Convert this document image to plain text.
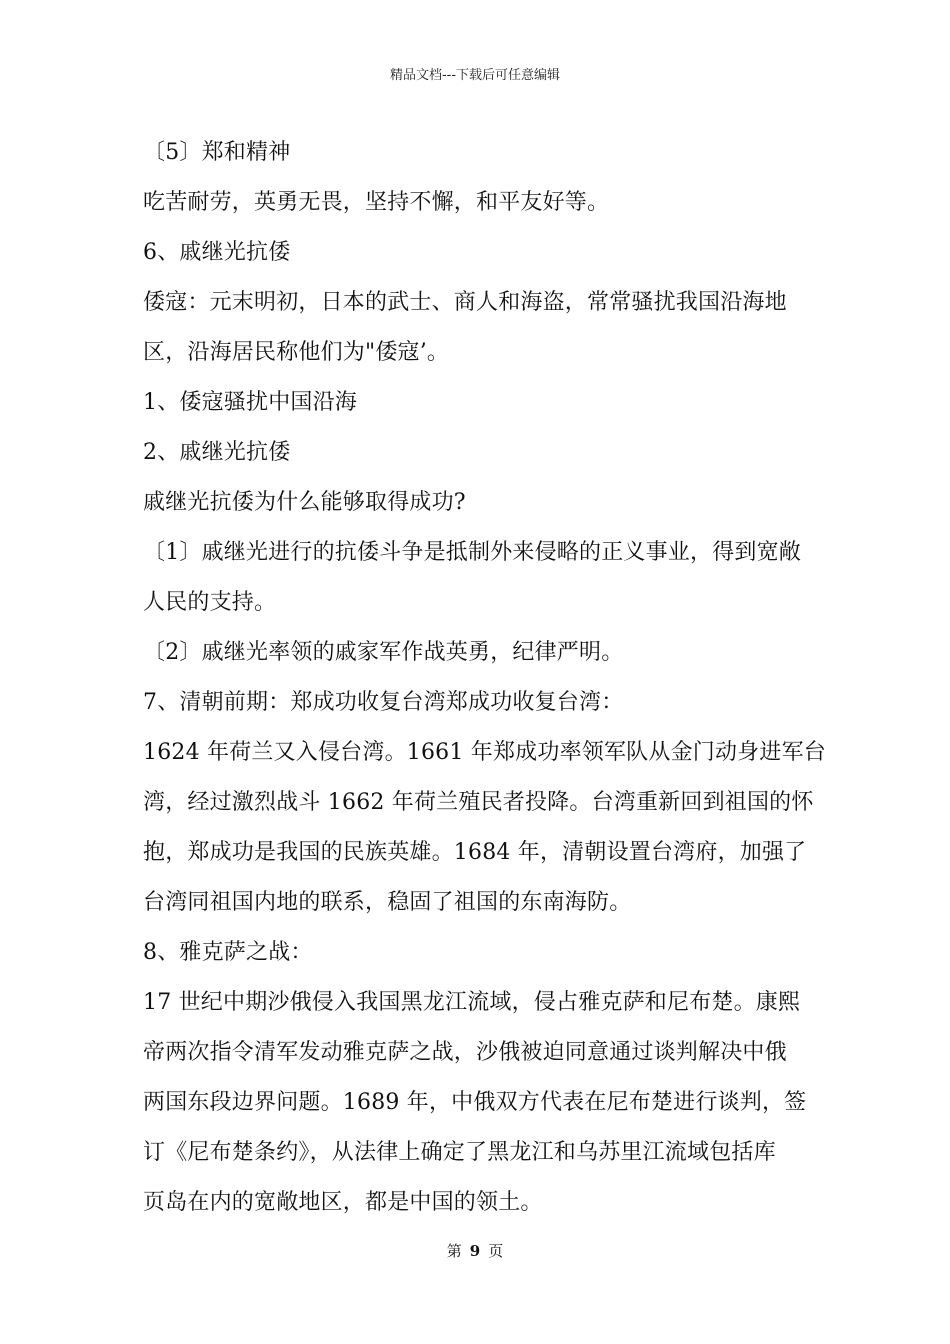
精品文档---下载后可任意编辑
〔5〕郑和精神
吃苦耐劳，英勇无畏，坚持不懈，和平友好等。
6、戚继光抗倭
倭寇：元末明初，日本的武士、商人和海盗，常常骚扰我国沿海地
区，沿海居民称他们为"倭寇’。
1、倭寇骚扰中国沿海
2、戚继光抗倭
戚继光抗倭为什么能够取得成功?
〔1〕戚继光进行的抗倭斗争是抵制外来侵略的正义事业，得到宽敞
人民的支持。
〔2〕戚继光率领的戚家军作战英勇，纪律严明。
7、清朝前期：郑成功收复台湾郑成功收复台湾：
1624 年荷兰又入侵台湾。1661 年郑成功率领军队从金门动身进军台
湾，经过激烈战斗 1662 年荷兰殖民者投降。台湾重新回到祖国的怀
抱，郑成功是我国的民族英雄。1684 年，清朝设置台湾府，加强了
台湾同祖国内地的联系，稳固了祖国的东南海防。
8、雅克萨之战：
17 世纪中期沙俄侵入我国黑龙江流域，侵占雅克萨和尼布楚。康熙
帝两次指令清军发动雅克萨之战，沙俄被迫同意通过谈判解决中俄
两国东段边界问题。1689 年，中俄双方代表在尼布楚进行谈判，签
订《尼布楚条约》，从法律上确定了黑龙江和乌苏里江流域包括库
页岛在内的宽敞地区，都是中国的领土。
第 9 页
